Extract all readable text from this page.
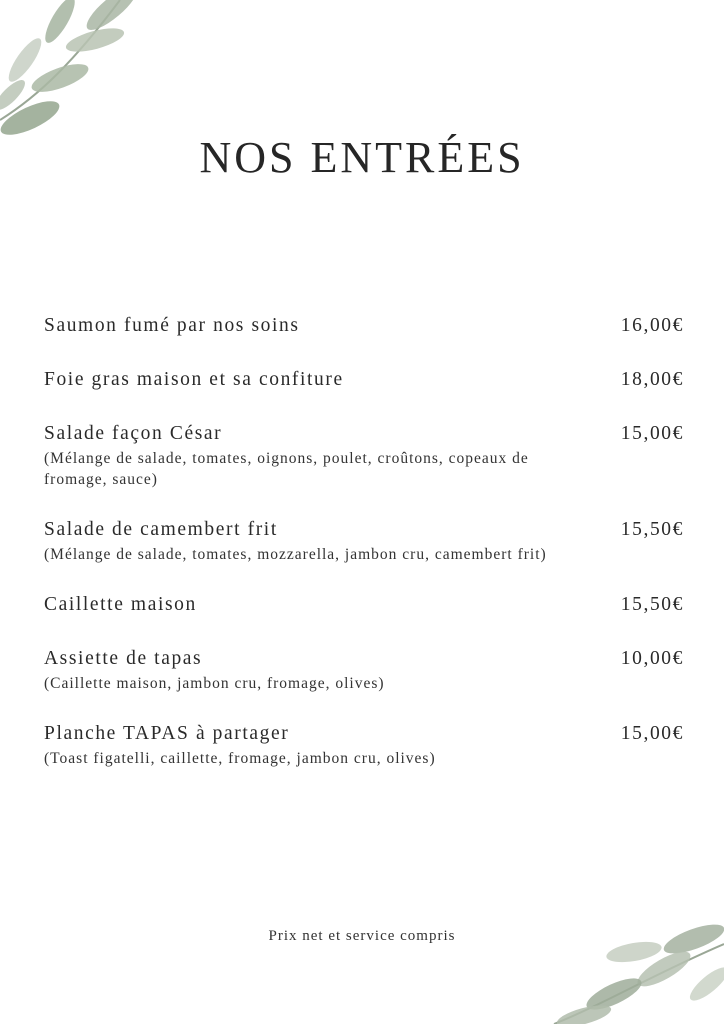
NOS ENTRÉES
Saumon fumé par nos soins	16,00€
Foie gras maison et sa confiture	18,00€
Salade façon César	15,00€
(Mélange de salade, tomates, oignons, poulet, croûtons, copeaux de fromage, sauce)
Salade de camembert frit	15,50€
(Mélange de salade, tomates, mozzarella, jambon cru, camembert frit)
Caillette maison	15,50€
Assiette de tapas	10,00€
(Caillette maison, jambon cru, fromage, olives)
Planche TAPAS à partager	15,00€
(Toast figatelli, caillette, fromage, jambon cru, olives)
Prix net et service compris
